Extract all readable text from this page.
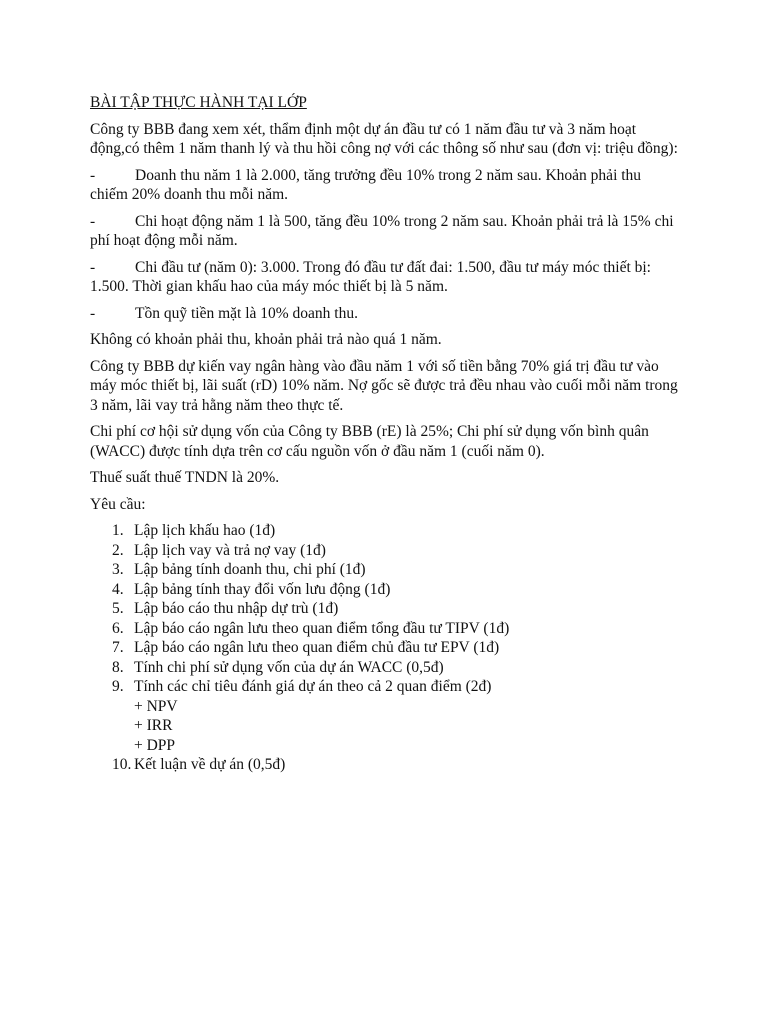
BÀI TẬP THỰC HÀNH TẠI LỚP

Công ty BBB đang xem xét, thẩm định một dự án đầu tư có 1 năm đầu tư và 3 năm hoạt động,có thêm 1 năm thanh lý và thu hồi công nợ với các thông số như sau (đơn vị: triệu đồng):

-	Doanh thu năm 1 là 2.000, tăng trưởng đều 10% trong 2 năm sau. Khoản phải thu chiếm 20% doanh thu mỗi năm.
-	Chi hoạt động năm 1 là 500, tăng đều 10% trong 2 năm sau. Khoản phải trả là 15% chi phí hoạt động mỗi năm.
-	Chi đầu tư (năm 0): 3.000. Trong đó đầu tư đất đai: 1.500, đầu tư máy móc thiết bị: 1.500. Thời gian khấu hao của máy móc thiết bị là 5 năm.
-	Tồn quỹ tiền mặt là 10% doanh thu.

Không có khoản phải thu, khoản phải trả nào quá 1 năm.

Công ty BBB dự kiến vay ngân hàng vào đầu năm 1 với số tiền bằng 70% giá trị đầu tư vào máy móc thiết bị, lãi suất (rD) 10% năm. Nợ gốc sẽ được trả đều nhau vào cuối mỗi năm trong 3 năm, lãi vay trả hằng năm theo thực tế.

Chi phí cơ hội sử dụng vốn của Công ty BBB (rE) là 25%; Chi phí sử dụng vốn bình quân (WACC) được tính dựa trên cơ cấu nguồn vốn ở đầu năm 1 (cuối năm 0).

Thuế suất thuế TNDN là 20%.

Yêu cầu:

1. Lập lịch khấu hao (1đ)
2. Lập lịch vay và trả nợ vay (1đ)
3. Lập bảng tính doanh thu, chi phí (1đ)
4. Lập bảng tính thay đổi vốn lưu động (1đ)
5. Lập báo cáo thu nhập dự trù (1đ)
6. Lập báo cáo ngân lưu theo quan điểm tổng đầu tư TIPV (1đ)
7. Lập báo cáo ngân lưu theo quan điểm chủ đầu tư EPV (1đ)
8. Tính chi phí sử dụng vốn của dự án WACC (0,5đ)
9. Tính các chỉ tiêu đánh giá dự án theo cả 2 quan điểm (2đ)
+ NPV
+ IRR
+ DPP
10. Kết luận về dự án (0,5đ)
